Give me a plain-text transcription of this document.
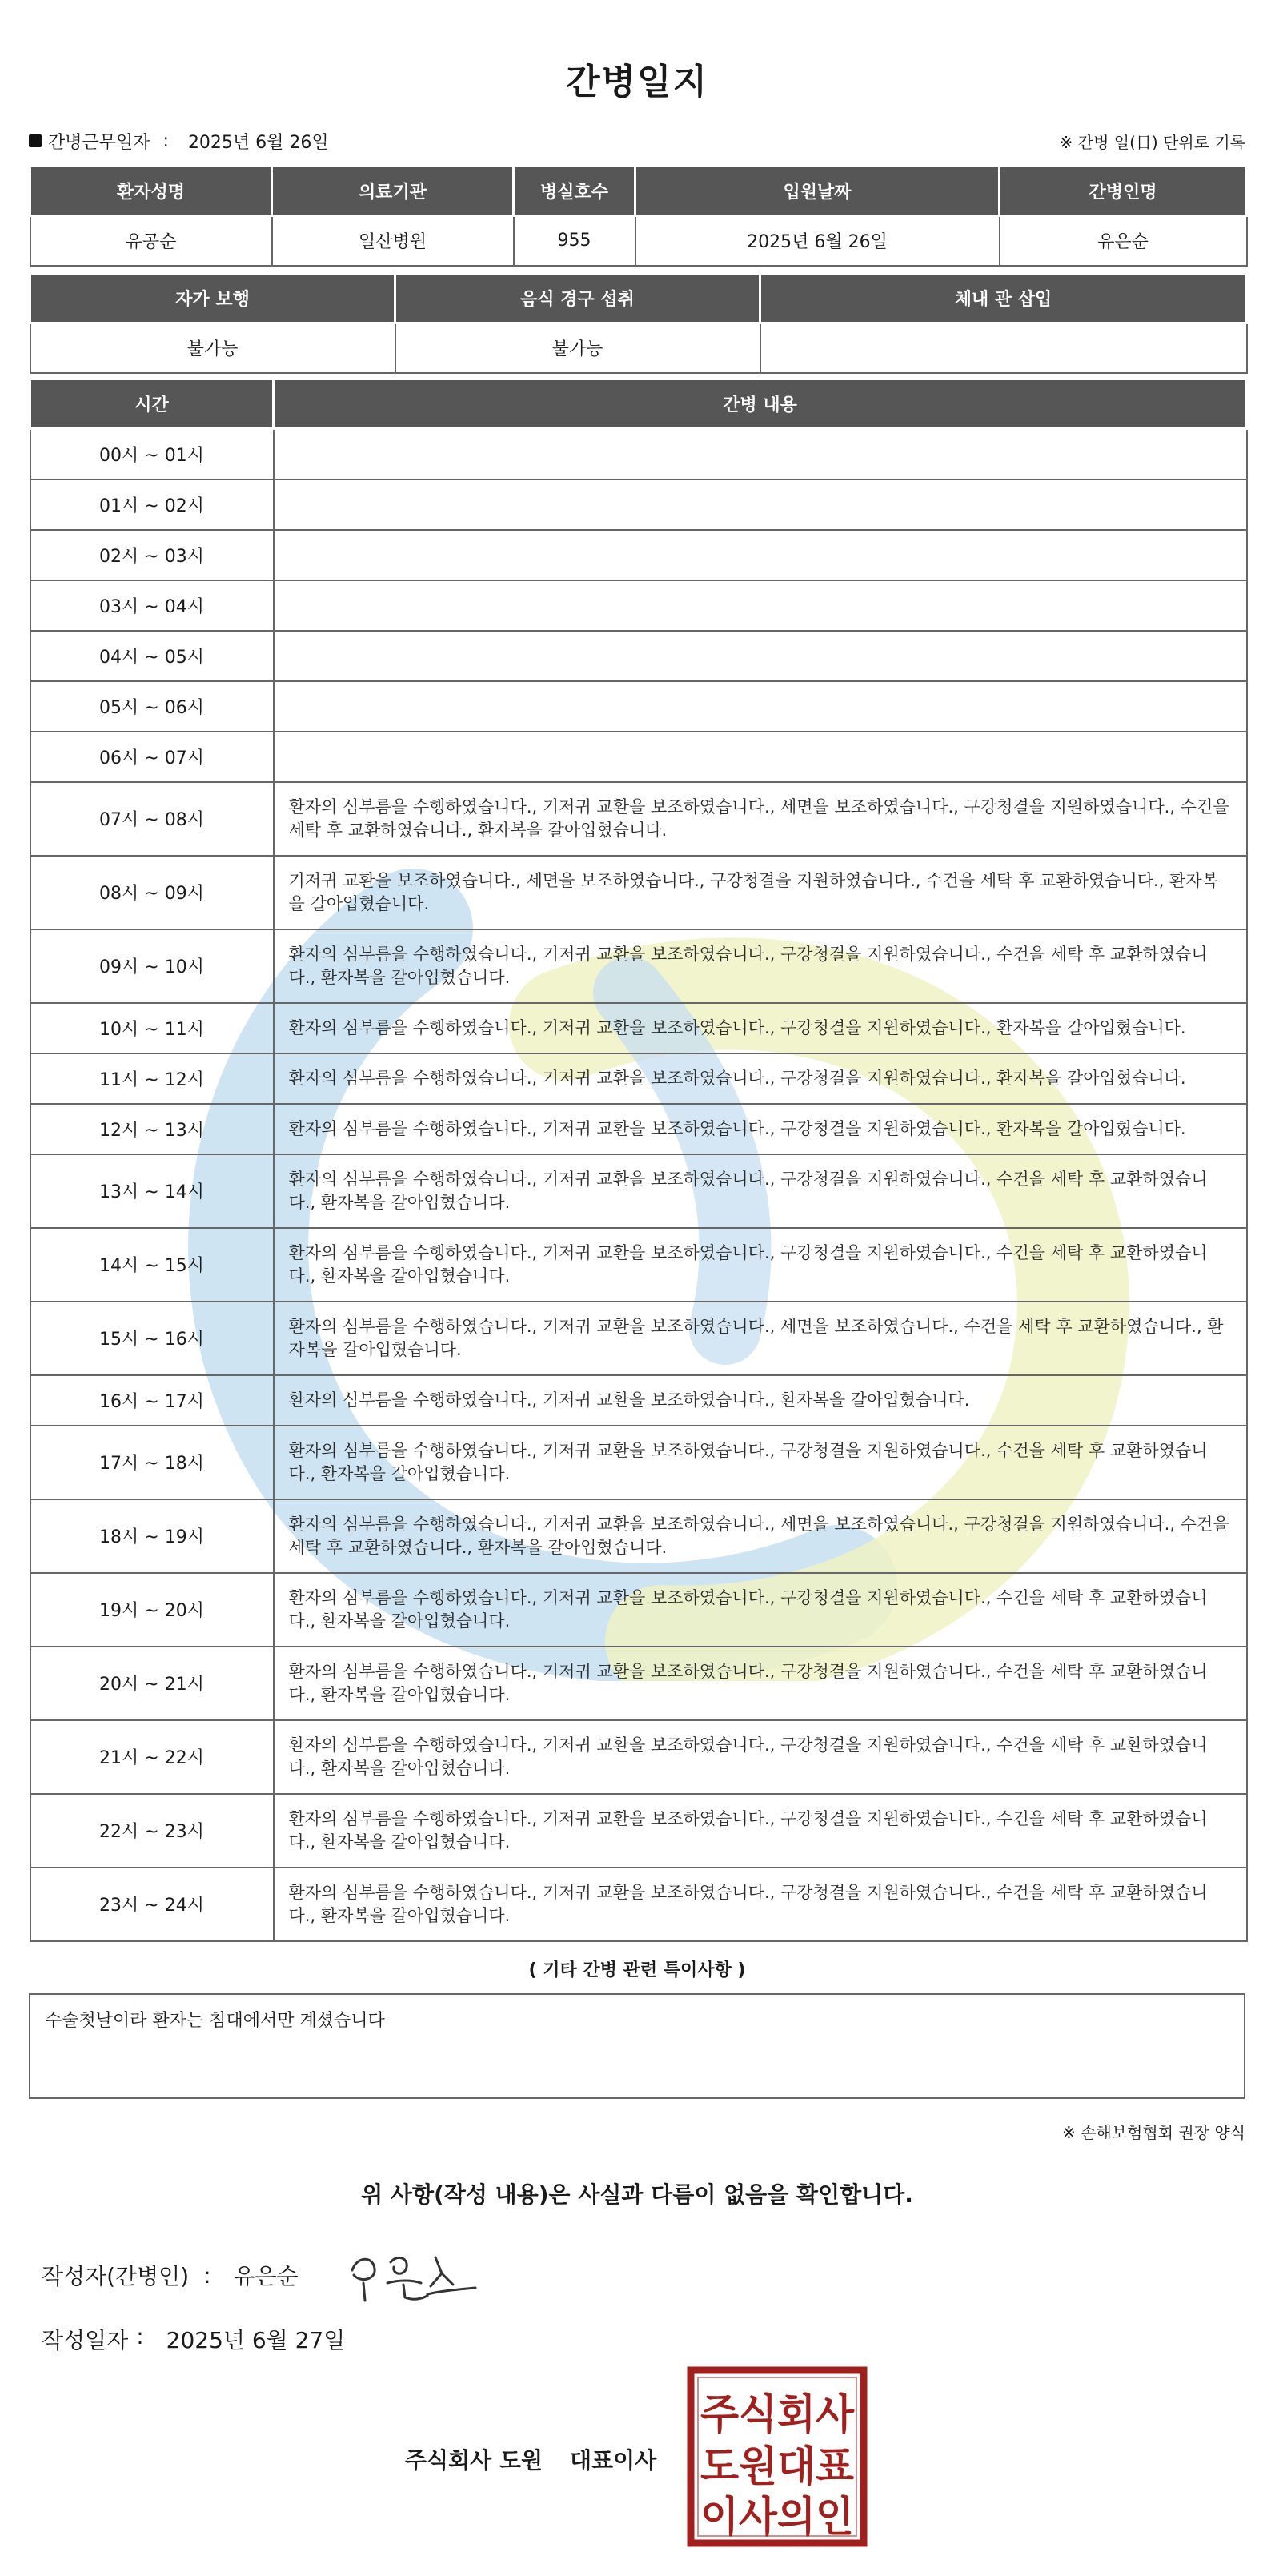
간병일지
간병근무일자 : 2025년 6월 26일	※ 간병 일(日) 단위로 기록
환자성명	의료기관	병실호수	입원날짜	간병인명
유공순	일산병원	955	2025년 6월 26일	유은순
자가 보행	음식 경구 섭취	체내 관 삽입
불가능	불가능	
시간	간병 내용
00시 ~ 01시	
01시 ~ 02시	
02시 ~ 03시	
03시 ~ 04시	
04시 ~ 05시	
05시 ~ 06시	
06시 ~ 07시	
07시 ~ 08시	환자의 심부름을 수행하였습니다., 기저귀 교환을 보조하였습니다., 세면을 보조하였습니다., 구강청결을 지원하였습니다., 수건을 세탁 후 교환하였습니다., 환자복을 갈아입혔습니다.
08시 ~ 09시	기저귀 교환을 보조하였습니다., 세면을 보조하였습니다., 구강청결을 지원하였습니다., 수건을 세탁 후 교환하였습니다., 환자복을 갈아입혔습니다.
09시 ~ 10시	환자의 심부름을 수행하였습니다., 기저귀 교환을 보조하였습니다., 구강청결을 지원하였습니다., 수건을 세탁 후 교환하였습니다., 환자복을 갈아입혔습니다.
10시 ~ 11시	환자의 심부름을 수행하였습니다., 기저귀 교환을 보조하였습니다., 구강청결을 지원하였습니다., 환자복을 갈아입혔습니다.
11시 ~ 12시	환자의 심부름을 수행하였습니다., 기저귀 교환을 보조하였습니다., 구강청결을 지원하였습니다., 환자복을 갈아입혔습니다.
12시 ~ 13시	환자의 심부름을 수행하였습니다., 기저귀 교환을 보조하였습니다., 구강청결을 지원하였습니다., 환자복을 갈아입혔습니다.
13시 ~ 14시	환자의 심부름을 수행하였습니다., 기저귀 교환을 보조하였습니다., 구강청결을 지원하였습니다., 수건을 세탁 후 교환하였습니다., 환자복을 갈아입혔습니다.
14시 ~ 15시	환자의 심부름을 수행하였습니다., 기저귀 교환을 보조하였습니다., 구강청결을 지원하였습니다., 수건을 세탁 후 교환하였습니다., 환자복을 갈아입혔습니다.
15시 ~ 16시	환자의 심부름을 수행하였습니다., 기저귀 교환을 보조하였습니다., 세면을 보조하였습니다., 수건을 세탁 후 교환하였습니다., 환자복을 갈아입혔습니다.
16시 ~ 17시	환자의 심부름을 수행하였습니다., 기저귀 교환을 보조하였습니다., 환자복을 갈아입혔습니다.
17시 ~ 18시	환자의 심부름을 수행하였습니다., 기저귀 교환을 보조하였습니다., 구강청결을 지원하였습니다., 수건을 세탁 후 교환하였습니다., 환자복을 갈아입혔습니다.
18시 ~ 19시	환자의 심부름을 수행하였습니다., 기저귀 교환을 보조하였습니다., 세면을 보조하였습니다., 구강청결을 지원하였습니다., 수건을 세탁 후 교환하였습니다., 환자복을 갈아입혔습니다.
19시 ~ 20시	환자의 심부름을 수행하였습니다., 기저귀 교환을 보조하였습니다., 구강청결을 지원하였습니다., 수건을 세탁 후 교환하였습니다., 환자복을 갈아입혔습니다.
20시 ~ 21시	환자의 심부름을 수행하였습니다., 기저귀 교환을 보조하였습니다., 구강청결을 지원하였습니다., 수건을 세탁 후 교환하였습니다., 환자복을 갈아입혔습니다.
21시 ~ 22시	환자의 심부름을 수행하였습니다., 기저귀 교환을 보조하였습니다., 구강청결을 지원하였습니다., 수건을 세탁 후 교환하였습니다., 환자복을 갈아입혔습니다.
22시 ~ 23시	환자의 심부름을 수행하였습니다., 기저귀 교환을 보조하였습니다., 구강청결을 지원하였습니다., 수건을 세탁 후 교환하였습니다., 환자복을 갈아입혔습니다.
23시 ~ 24시	환자의 심부름을 수행하였습니다., 기저귀 교환을 보조하였습니다., 구강청결을 지원하였습니다., 수건을 세탁 후 교환하였습니다., 환자복을 갈아입혔습니다.
( 기타 간병 관련 특이사항 )
수술첫날이라 환자는 침대에서만 계셨습니다
※ 손해보험협회 권장 양식
위 사항(작성 내용)은 사실과 다름이 없음을 확인합니다.
작성자(간병인) : 유은순
작성일자 : 2025년 6월 27일
주식회사 도원 대표이사
주식회사
도원대표
이사의인
